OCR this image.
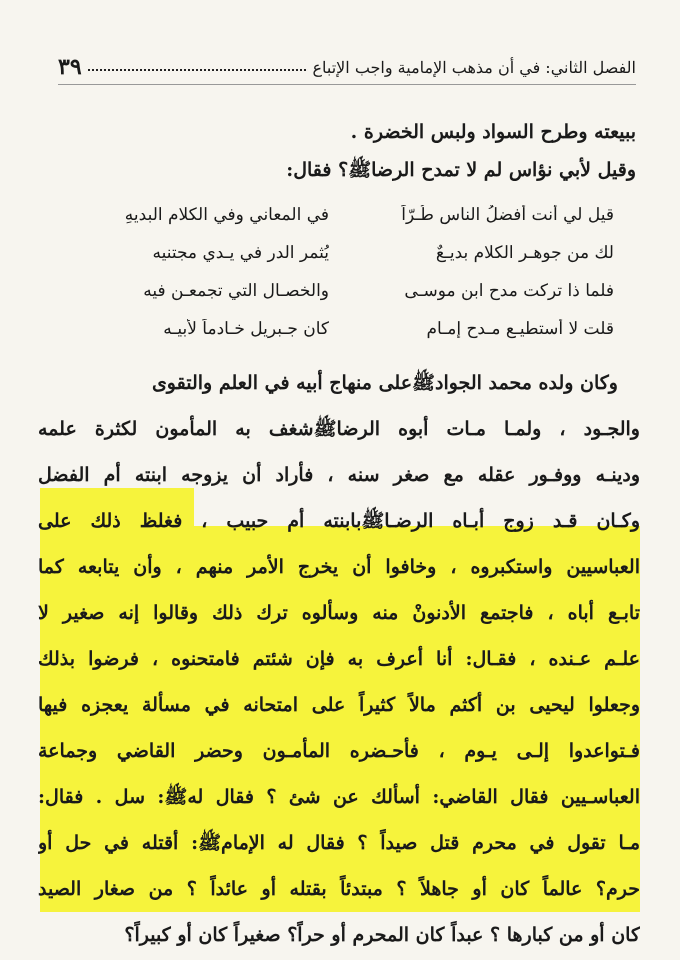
الفصل الثاني: في أن مذهب الإمامية واجب الإتباع
٣٩
ببيعته وطرح السواد ولبس الخضرة .
وقيل لأبي نؤاس لم لا تمدح الرضاﷺ؟ فقال:
قيل لي أنت أفضلُ الناس طُـرّاً
في المعاني وفي الكلام البديهِ
لك من جوهـر الكلام بديـعٌ
يُثمر الدر في يـدي مجتنيه
فلما ذا تركت مدح ابن موسـى
والخصـال التي تجمعـن فيه
قلت لا أستطيـع مـدح إمـامٍ
كان جـبريل خـادماً لأبيـه
وكان ولده محمد الجوادﷺعلى منهاج أبيه في العلم والتقوى
والجـود ، ولمـا مـات أبوه الرضاﷺشغف به المأمون لكثرة علمه
ودينـه ووفـور عقله مع صغر سنه ، فأراد أن يزوجه ابنته أم الفضل
وكـان قـد زوج أبـاه الرضـاﷺبابنته أم حبيب ، فغلظ ذلك على
العباسيين واستكبروه ، وخافوا أن يخرج الأمر منهم ، وأن يتابعه كما
تابـع أباه ، فاجتمع الأدنونْ منه وسألوه ترك ذلك وقالوا إنه صغير لا
علـم عـنده ، فقـال: أنا أعرف به فإن شئتم فامتحنوه ، فرضوا بذلك
وجعلوا ليحيى بن أكثم مالاً كثيراً على امتحانه في مسألة يعجزه فيها
فـتواعدوا إلـى يـوم ، فأحـضره المأمـون وحضر القاضي وجماعة
العباسـيين فقال القاضي: أسألك عن شئ ؟ فقال لهﷺ: سل . فقال:
مـا تقول في محرم قتل صيداً ؟ فقال له الإمامﷺ: أقتله في حل أو
حرم؟ عالماً كان أو جاهلاً ؟ مبتدئاً بقتله أو عائداً ؟ من صغار الصيد
كان أو من كبارها ؟ عبداً كان المحرم أو حراً؟ صغيراً كان أو كبيراً؟
